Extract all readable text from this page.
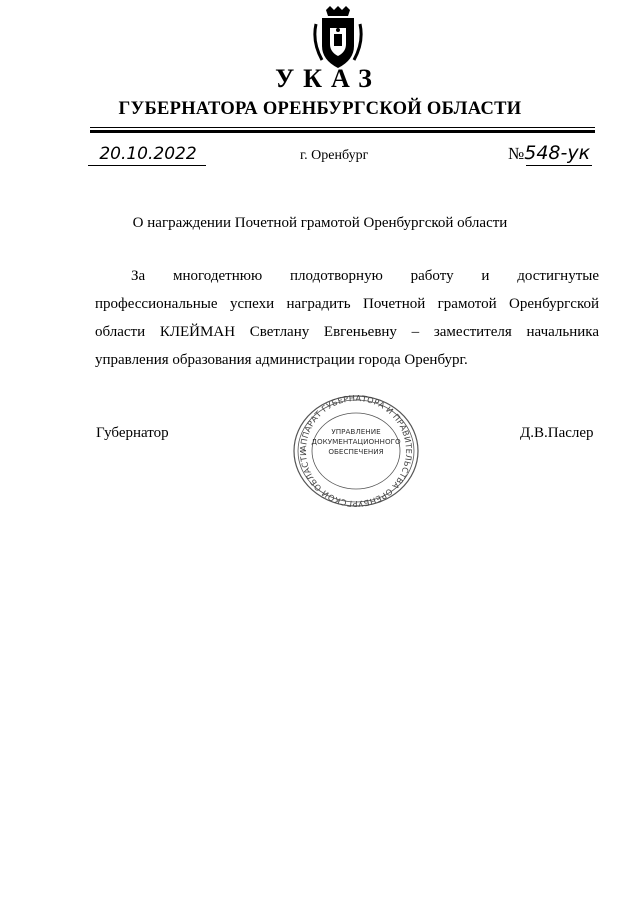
УКАЗ
ГУБЕРНАТОРА ОРЕНБУРГСКОЙ ОБЛАСТИ
20.10.2022	г. Оренбург	№548-ук
О награждении Почетной грамотой Оренбургской области
За многодетнюю плодотворную работу и достигнутые профессиональные успехи наградить Почетной грамотой Оренбургской области КЛЕЙМАН Светлану Евгеньевну – заместителя начальника управления образования администрации города Оренбург.
Губернатор	Д.В.Паслер
АППАРАТ ГУБЕРНАТОРА И ПРАВИТЕЛЬСТВА ОРЕНБУРГСКОЙ ОБЛАСТИ
УПРАВЛЕНИЕ
ДОКУМЕНТАЦИОННОГО
ОБЕСПЕЧЕНИЯ
